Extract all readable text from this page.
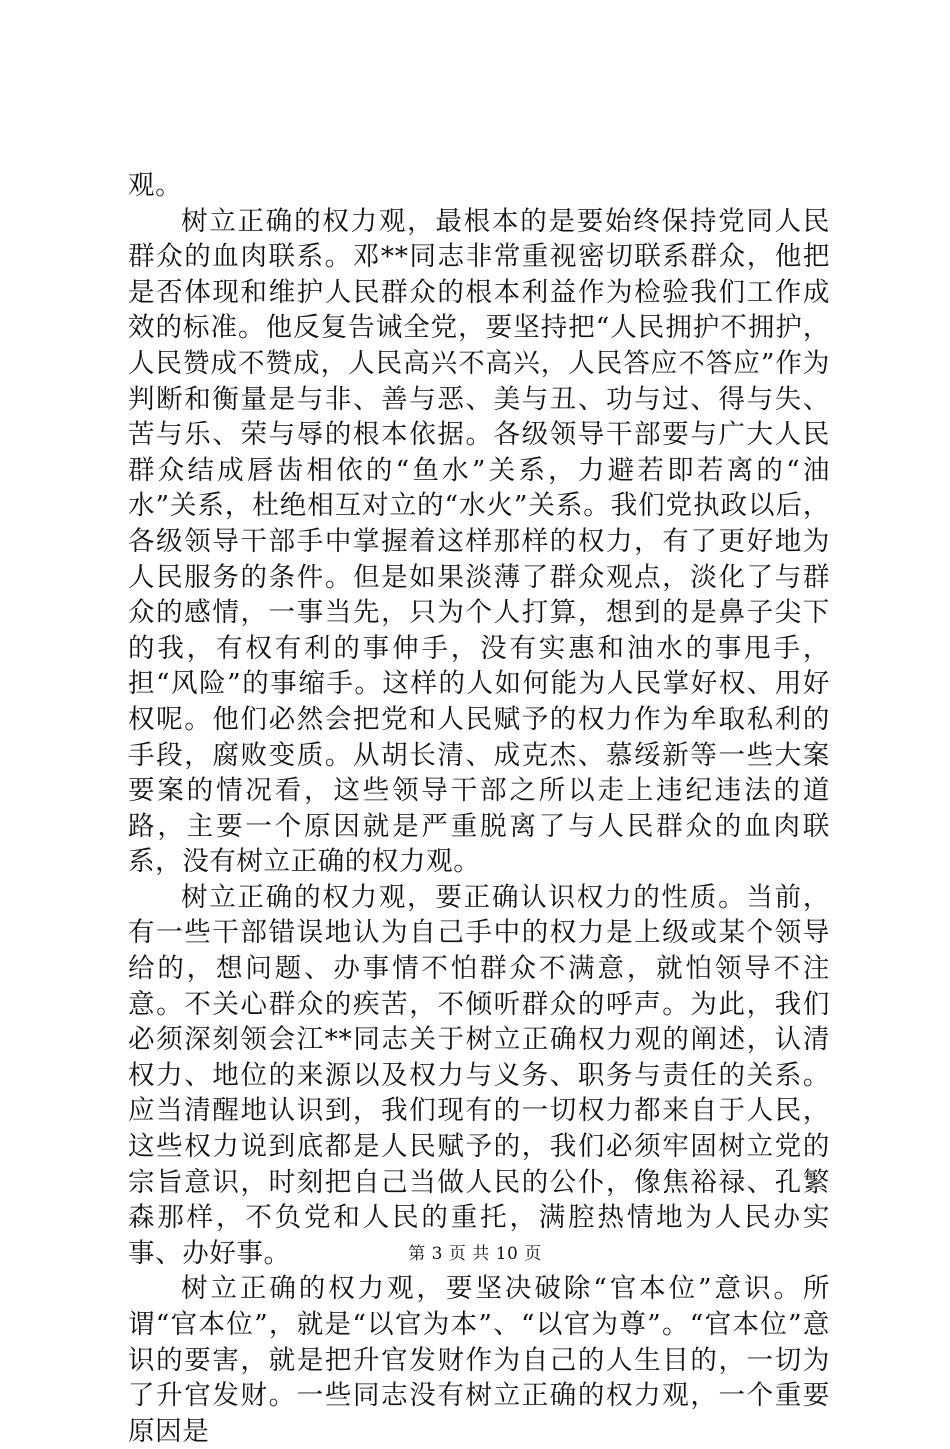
观。

树立正确的权力观，最根本的是要始终保持党同人民群众的血肉联系。邓**同志非常重视密切联系群众，他把是否体现和维护人民群众的根本利益作为检验我们工作成效的标准。他反复告诫全党，要坚持把“人民拥护不拥护，人民赞成不赞成，人民高兴不高兴，人民答应不答应”作为判断和衡量是与非、善与恶、美与丑、功与过、得与失、苦与乐、荣与辱的根本依据。各级领导干部要与广大人民群众结成唇齿相依的“鱼水”关系，力避若即若离的“油水”关系，杜绝相互对立的“水火”关系。我们党执政以后，各级领导干部手中掌握着这样那样的权力，有了更好地为人民服务的条件。但是如果淡薄了群众观点，淡化了与群众的感情，一事当先，只为个人打算，想到的是鼻子尖下的我，有权有利的事伸手，没有实惠和油水的事甩手，担“风险”的事缩手。这样的人如何能为人民掌好权、用好权呢。他们必然会把党和人民赋予的权力作为牟取私利的手段，腐败变质。从胡长清、成克杰、慕绥新等一些大案要案的情况看，这些领导干部之所以走上违纪违法的道路，主要一个原因就是严重脱离了与人民群众的血肉联系，没有树立正确的权力观。

树立正确的权力观，要正确认识权力的性质。当前，有一些干部错误地认为自己手中的权力是上级或某个领导给的，想问题、办事情不怕群众不满意，就怕领导不注意。不关心群众的疾苦，不倾听群众的呼声。为此，我们必须深刻领会江**同志关于树立正确权力观的阐述，认清权力、地位的来源以及权力与义务、职务与责任的关系。应当清醒地认识到，我们现有的一切权力都来自于人民，这些权力说到底都是人民赋予的，我们必须牢固树立党的宗旨意识，时刻把自己当做人民的公仆，像焦裕禄、孔繁森那样，不负党和人民的重托，满腔热情地为人民办实事、办好事。

树立正确的权力观，要坚决破除“官本位”意识。所谓“官本位”，就是“以官为本”、“以官为尊”。“官本位”意识的要害，就是把升官发财作为自己的人生目的，一切为了升官发财。一些同志没有树立正确的权力观，一个重要原因是

第 3 页 共 10 页
